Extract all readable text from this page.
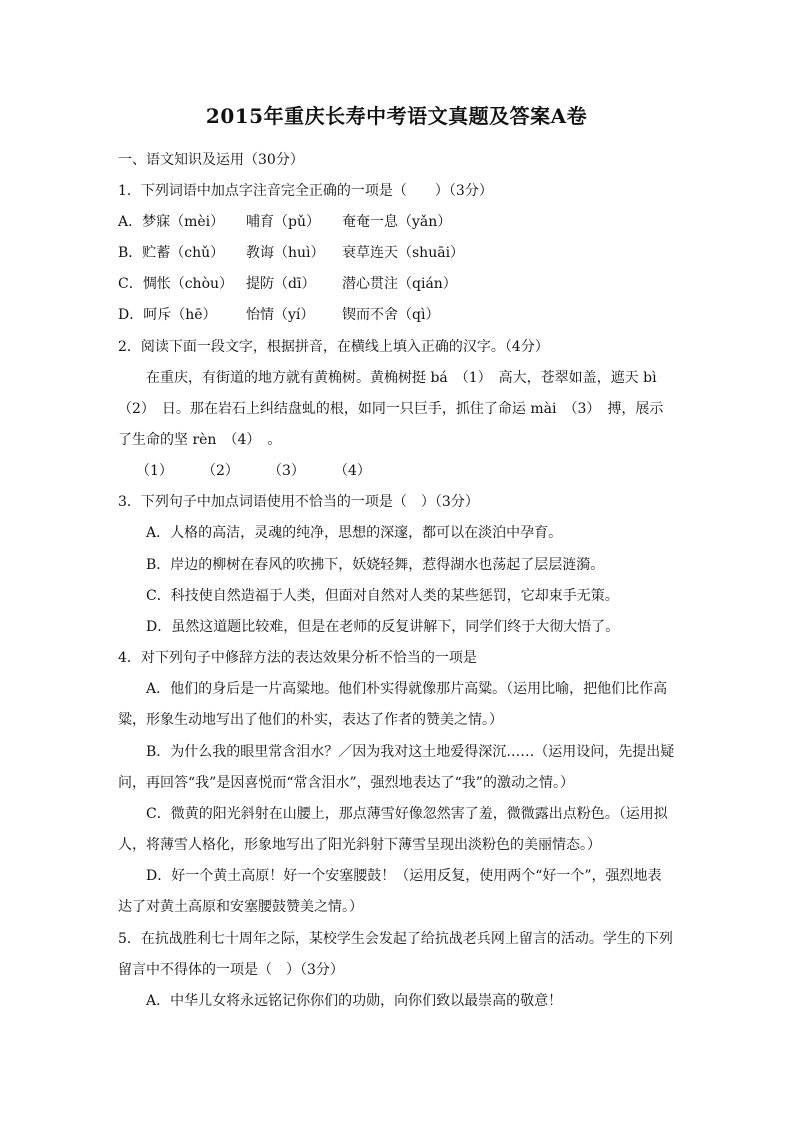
2015年重庆长寿中考语文真题及答案A卷
一、语文知识及运用（30分）
1．下列词语中加点字注音完全正确的一项是（　　）（3分）
A．梦寐（mèi） 哺育（pǔ） 奄奄一息（yǎn）
B．贮蓄（chǔ） 教诲（huì） 衰草连天（shuāi）
C．惆怅（chòu） 提防（dī） 潜心贯注（qián）
D．呵斥（hē） 怡情（yí） 锲而不舍（qì）
2．阅读下面一段文字，根据拼音，在横线上填入正确的汉字。（4分）
在重庆，有街道的地方就有黄桷树。黄桷树挺 bá　（1）　高大，苍翠如盖，遮天 bì
（2）　日。那在岩石上纠结盘虬的根，如同一只巨手，抓住了命运 mài　（3）　搏，展示
了生命的坚 rèn　（4）　。
（1） （2） （3） （4）
3．下列句子中加点词语使用不恰当的一项是（　）（3分）
A．人格的高洁，灵魂的纯净，思想的深邃，都可以在淡泊中孕育。
B．岸边的柳树在春风的吹拂下，妖娆轻舞，惹得湖水也荡起了层层涟漪。
C．科技使自然造福于人类，但面对自然对人类的某些惩罚，它却束手无策。
D．虽然这道题比较难，但是在老师的反复讲解下，同学们终于大彻大悟了。
4．对下列句子中修辞方法的表达效果分析不恰当的一项是
A．他们的身后是一片高粱地。他们朴实得就像那片高粱。（运用比喻，把他们比作高
粱，形象生动地写出了他们的朴实，表达了作者的赞美之情。）
B．为什么我的眼里常含泪水？／因为我对这土地爱得深沉……（运用设问，先提出疑
问，再回答“我”是因喜悦而“常含泪水”，强烈地表达了“我”的激动之情。）
C．微黄的阳光斜射在山腰上，那点薄雪好像忽然害了羞，微微露出点粉色。（运用拟
人，将薄雪人格化，形象地写出了阳光斜射下薄雪呈现出淡粉色的美丽情态。）
D．好一个黄土高原！好一个安塞腰鼓！（运用反复，使用两个“好一个”，强烈地表
达了对黄土高原和安塞腰鼓赞美之情。）
5．在抗战胜利七十周年之际，某校学生会发起了给抗战老兵网上留言的活动。学生的下列
留言中不得体的一项是（　）（3分）
A．中华儿女将永远铭记你你们的功勋，向你们致以最崇高的敬意！
